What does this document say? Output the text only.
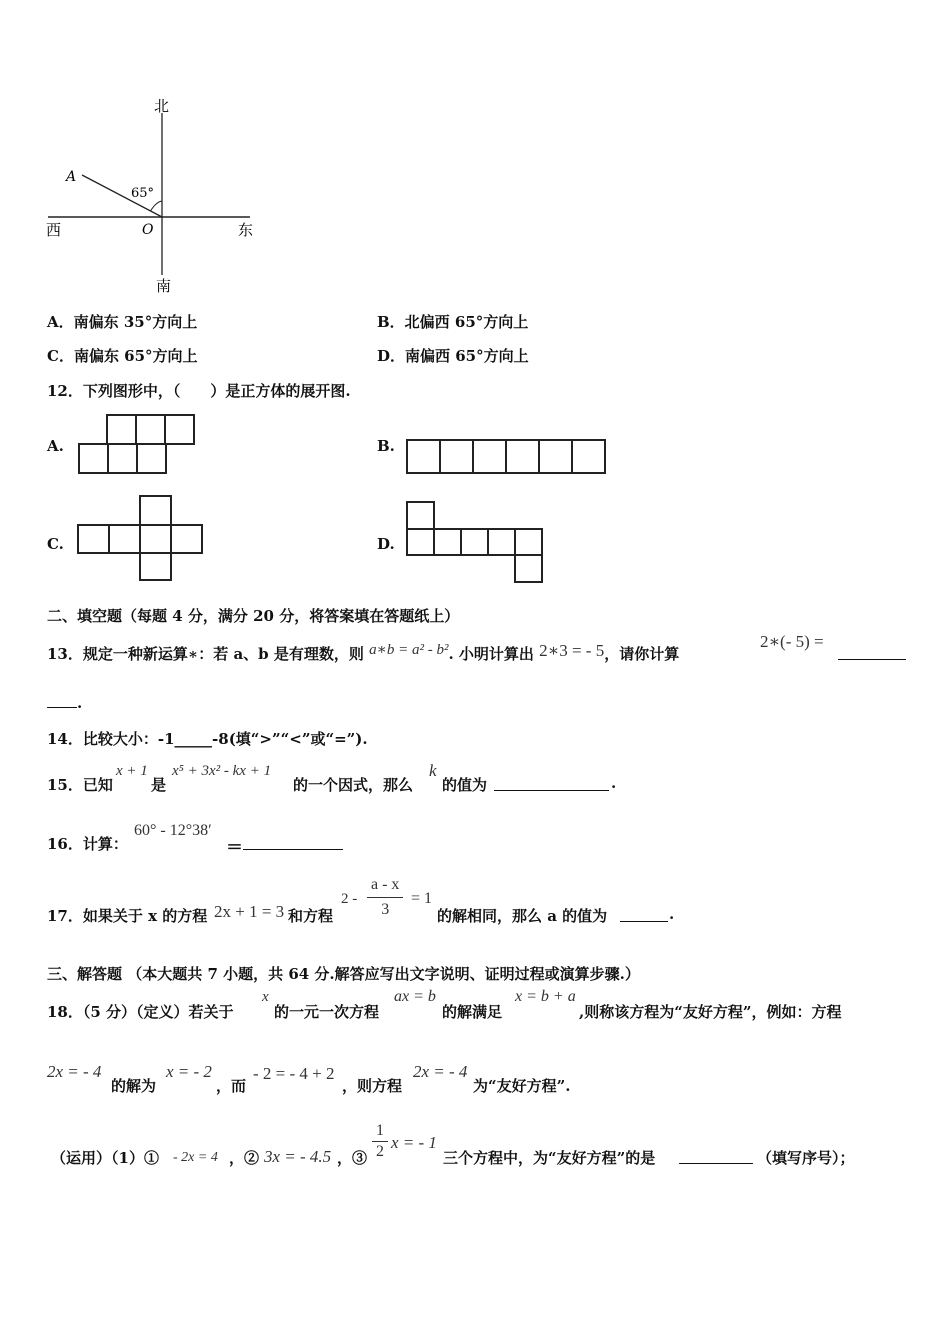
北
南
西	东
A
O
65°
A．南偏东 35°方向上	B．北偏西 65°方向上
C．南偏东 65°方向上	D．南偏西 65°方向上
12．下列图形中，（　　）是正方体的展开图.
A.	B.
C.	D.
二、填空题（每题 4 分，满分 20 分，将答案填在答题纸上）
13．规定一种新运算∗：若 a、b 是有理数，则 a∗b = a² - b². 小明计算出 2∗3 = - 5，请你计算
2∗(- 5) =
.
14．比较大小：-1_____-8(填“>”“<”或“=”).
15．已知
x + 1
是
x⁵ + 3x² - kx + 1
的一个因式，那么
k
的值为	.
16．计算：
60° - 12°38′
＝
17．如果关于 x 的方程 2x + 1 = 3 和方程
$2 - \frac{a - x}{3} = 1$
的解相同，那么 a 的值为	.
三、解答题 （本大题共 7 小题，共 64 分.解答应写出文字说明、证明过程或演算步骤.）
18．（5 分）（定义）若关于
x
的一元一次方程
ax = b
的解满足
x = b + a
,则称该方程为“友好方程”，例如：方程
2x = - 4
的解为
x = - 2
，而
- 2 = - 4 + 2
，则方程
2x = - 4
为“友好方程”.
（运用）（1）① - 2x = 4 ，② 3x = - 4.5 ，③ $\frac{1}{2}$ x = - 1
三个方程中，为“友好方程”的是	（填写序号）；
